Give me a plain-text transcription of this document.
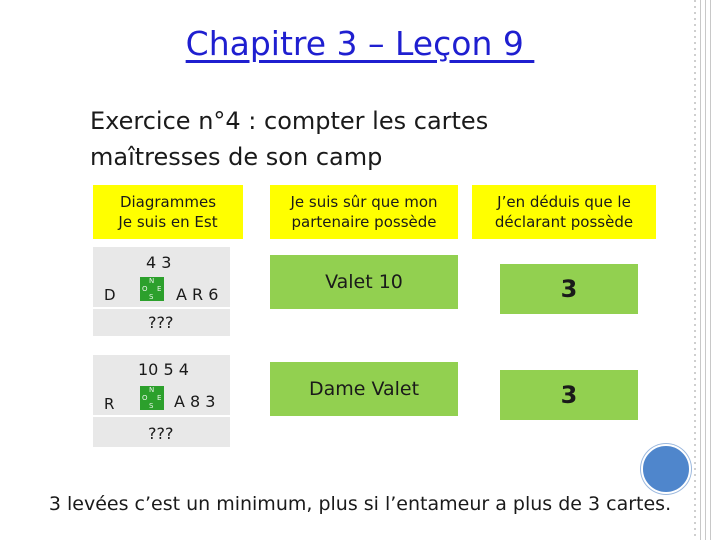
Chapitre 3 – Leçon 9
Exercice n°4 : compter les cartes
maîtresses de son camp
Diagrammes
Je suis en Est
Je suis sûr que mon
partenaire possède
J’en déduis que le
déclarant possède
4 3
D
N
O E
S A R 6
???
10 5 4
R
N
O E
S A 8 3
???
Valet 10	3
Dame Valet	3
3 levées c’est un minimum, plus si l’entameur a plus de 3 cartes.
